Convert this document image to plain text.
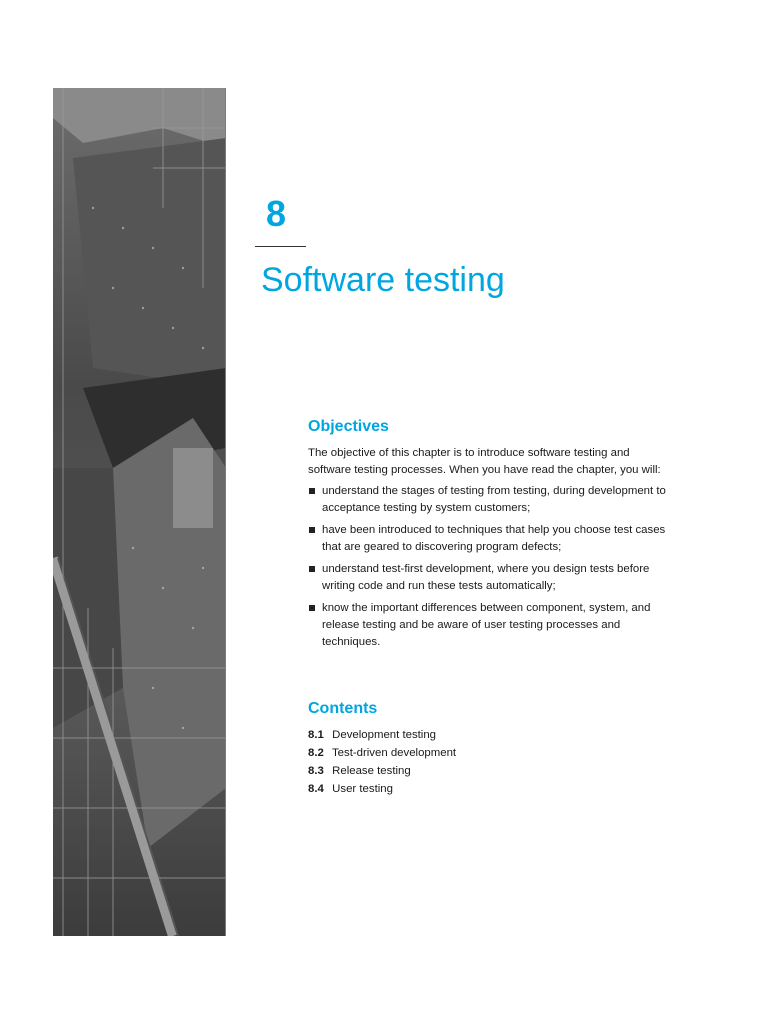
8
Software testing
Objectives

The objective of this chapter is to introduce software testing and software testing processes. When you have read the chapter, you will:

understand the stages of testing from testing, during development to acceptance testing by system customers;
have been introduced to techniques that help you choose test cases that are geared to discovering program defects;
understand test-first development, where you design tests before writing code and run these tests automatically;
know the important differences between component, system, and release testing and be aware of user testing processes and techniques.
Contents
8.1 Development testing
8.2 Test-driven development
8.3 Release testing
8.4 User testing
